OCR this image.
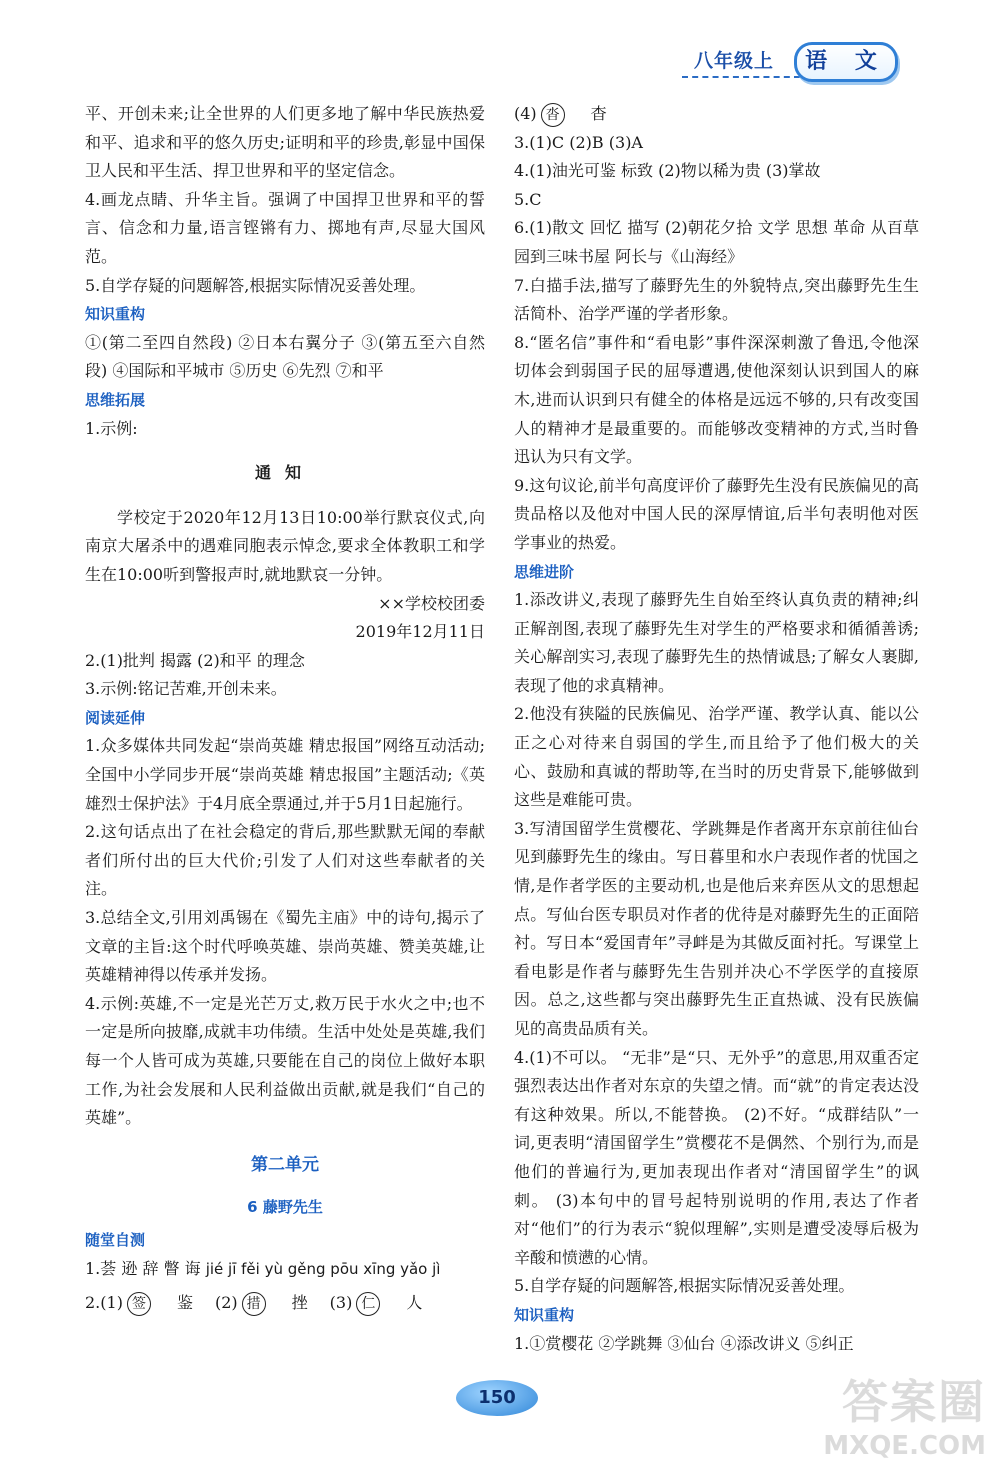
八年级上	语 文

平、开创未来;让全世界的人们更多地了解中华民族热爱和平、追求和平的悠久历史;证明和平的珍贵,彰显中国保卫人民和平生活、捍卫世界和平的坚定信念。

4.画龙点睛、升华主旨。强调了中国捍卫世界和平的誓言、信念和力量,语言铿锵有力、掷地有声,尽显大国风范。

5.自学存疑的问题解答,根据实际情况妥善处理。

知识重构

①(第二至四自然段) ②日本右翼分子 ③(第五至六自然段) ④国际和平城市 ⑤历史 ⑥先烈 ⑦和平

思维拓展

1.示例:

通知

学校定于2020年12月13日10:00举行默哀仪式,向南京大屠杀中的遇难同胞表示悼念,要求全体教职工和学生在10:00听到警报声时,就地默哀一分钟。

××学校校团委

2019年12月11日

2.(1)批判 揭露 (2)和平 的理念

3.示例:铭记苦难,开创未来。

阅读延伸

1.众多媒体共同发起“崇尚英雄 精忠报国”网络互动活动;全国中小学同步开展“崇尚英雄 精忠报国”主题活动;《英雄烈士保护法》于4月底全票通过,并于5月1日起施行。

2.这句话点出了在社会稳定的背后,那些默默无闻的奉献者们所付出的巨大代价;引发了人们对这些奉献者的关注。

3.总结全文,引用刘禹锡在《蜀先主庙》中的诗句,揭示了文章的主旨:这个时代呼唤英雄、崇尚英雄、赞美英雄,让英雄精神得以传承并发扬。

4.示例:英雄,不一定是光芒万丈,救万民于水火之中;也不一定是所向披靡,成就丰功伟绩。生活中处处是英雄,我们每一个人皆可成为英雄,只要能在自己的岗位上做好本职工作,为社会发展和人民利益做出贡献,就是我们“自己的英雄”。

第二单元

6 藤野先生

随堂自测

1.荟 逊 辞 瞥 诲 jié jī fěi yù gěng pōu xīng yǎo jì

2.(1) 签 鉴 (2) 措 挫 (3) 仁 人

(4) 沓 杳

3.(1)C (2)B (3)A

4.(1)油光可鉴 标致 (2)物以稀为贵 (3)掌故

5.C

6.(1)散文 回忆 描写 (2)朝花夕拾 文学 思想 革命 从百草园到三味书屋 阿长与《山海经》

7.白描手法,描写了藤野先生的外貌特点,突出藤野先生生活简朴、治学严谨的学者形象。

8.“匿名信”事件和“看电影”事件深深刺激了鲁迅,令他深切体会到弱国子民的屈辱遭遇,使他深刻认识到国人的麻木,进而认识到只有健全的体格是远远不够的,只有改变国人的精神才是最重要的。而能够改变精神的方式,当时鲁迅认为只有文学。

9.这句议论,前半句高度评价了藤野先生没有民族偏见的高贵品格以及他对中国人民的深厚情谊,后半句表明他对医学事业的热爱。

思维进阶

1.添改讲义,表现了藤野先生自始至终认真负责的精神;纠正解剖图,表现了藤野先生对学生的严格要求和循循善诱;关心解剖实习,表现了藤野先生的热情诚恳;了解女人裹脚,表现了他的求真精神。

2.他没有狭隘的民族偏见、治学严谨、教学认真、能以公正之心对待来自弱国的学生,而且给予了他们极大的关心、鼓励和真诚的帮助等,在当时的历史背景下,能够做到这些是难能可贵。

3.写清国留学生赏樱花、学跳舞是作者离开东京前往仙台见到藤野先生的缘由。写日暮里和水户表现作者的忧国之情,是作者学医的主要动机,也是他后来弃医从文的思想起点。写仙台医专职员对作者的优待是对藤野先生的正面陪衬。写日本“爱国青年”寻衅是为其做反面衬托。写课堂上看电影是作者与藤野先生告别并决心不学医学的直接原因。总之,这些都与突出藤野先生正直热诚、没有民族偏见的高贵品质有关。

4.(1)不可以。 “无非”是“只、无外乎”的意思,用双重否定强烈表达出作者对东京的失望之情。而“就”的肯定表达没有这种效果。所以,不能替换。 (2)不好。“成群结队”一词,更表明“清国留学生”赏樱花不是偶然、个别行为,而是他们的普遍行为,更加表现出作者对“清国留学生”的讽刺。 (3)本句中的冒号起特别说明的作用,表达了作者对“他们”的行为表示“貌似理解”,实则是遭受凌辱后极为辛酸和愤懑的心情。

5.自学存疑的问题解答,根据实际情况妥善处理。

知识重构

1.①赏樱花 ②学跳舞 ③仙台 ④添改讲义 ⑤纠正

150	答案圈
MXQE.COM
